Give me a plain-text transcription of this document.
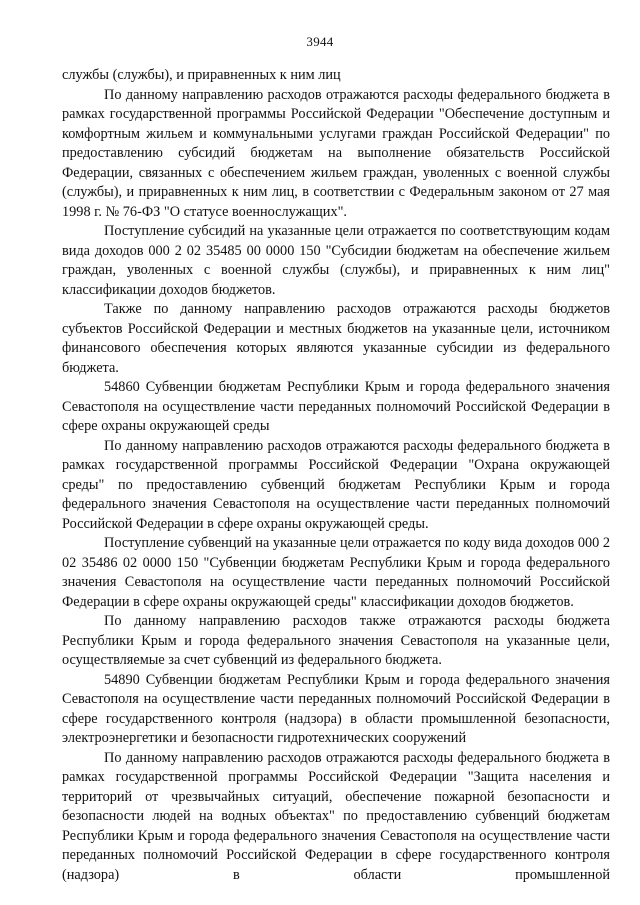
3944

службы (службы), и приравненных к ним лиц

По данному направлению расходов отражаются расходы федерального бюджета в рамках государственной программы Российской Федерации "Обеспечение доступным и комфортным жильем и коммунальными услугами граждан Российской Федерации" по предоставлению субсидий бюджетам на выполнение обязательств Российской Федерации, связанных с обеспечением жильем граждан, уволенных с военной службы (службы), и приравненных к ним лиц, в соответствии с Федеральным законом от 27 мая 1998 г. № 76-ФЗ "О статусе военнослужащих".

Поступление субсидий на указанные цели отражается по соответствующим кодам вида доходов 000 2 02 35485 00 0000 150 "Субсидии бюджетам на обеспечение жильем граждан, уволенных с военной службы (службы), и приравненных к ним лиц" классификации доходов бюджетов.

Также по данному направлению расходов отражаются расходы бюджетов субъектов Российской Федерации и местных бюджетов на указанные цели, источником финансового обеспечения которых являются указанные субсидии из федерального бюджета.

54860 Субвенции бюджетам Республики Крым и города федерального значения Севастополя на осуществление части переданных полномочий Российской Федерации в сфере охраны окружающей среды

По данному направлению расходов отражаются расходы федерального бюджета в рамках государственной программы Российской Федерации "Охрана окружающей среды" по предоставлению субвенций бюджетам Республики Крым и города федерального значения Севастополя на осуществление части переданных полномочий Российской Федерации в сфере охраны окружающей среды.

Поступление субвенций на указанные цели отражается по коду вида доходов 000 2 02 35486 02 0000 150 "Субвенции бюджетам Республики Крым и города федерального значения Севастополя на осуществление части переданных полномочий Российской Федерации в сфере охраны окружающей среды" классификации доходов бюджетов.

По данному направлению расходов также отражаются расходы бюджета Республики Крым и города федерального значения Севастополя на указанные цели, осуществляемые за счет субвенций из федерального бюджета.

54890 Субвенции бюджетам Республики Крым и города федерального значения Севастополя на осуществление части переданных полномочий Российской Федерации в сфере государственного контроля (надзора) в области промышленной безопасности, электроэнергетики и безопасности гидротехнических сооружений

По данному направлению расходов отражаются расходы федерального бюджета в рамках государственной программы Российской Федерации "Защита населения и территорий от чрезвычайных ситуаций, обеспечение пожарной безопасности и безопасности людей на водных объектах" по предоставлению субвенций бюджетам Республики Крым и города федерального значения Севастополя на осуществление части переданных полномочий Российской Федерации в сфере государственного контроля (надзора) в области промышленной
